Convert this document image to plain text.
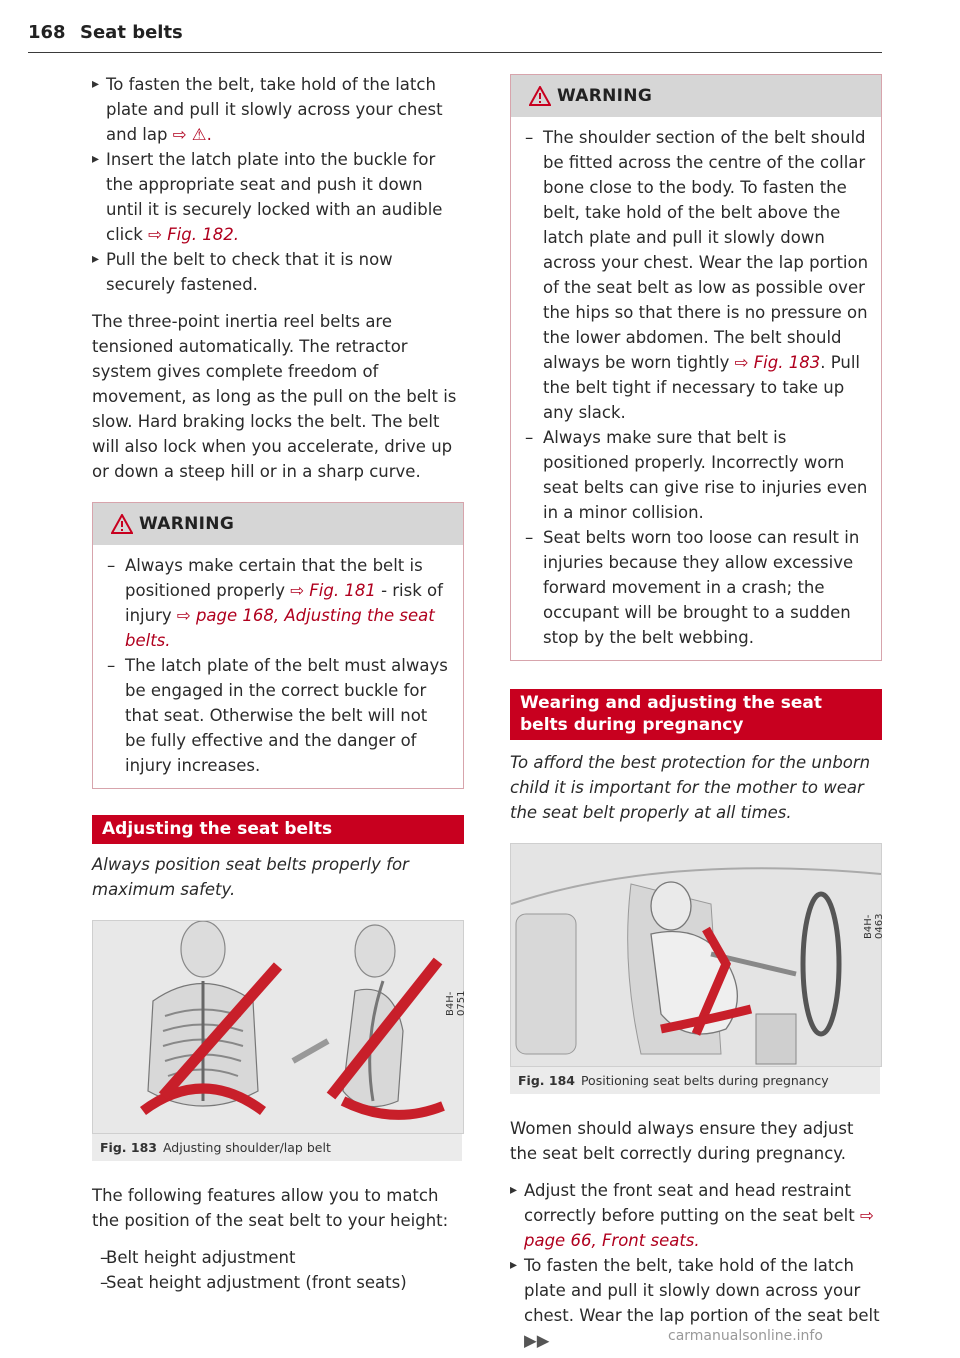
168 Seat belts
▸ To fasten the belt, take hold of the latch plate and pull it slowly across your chest and lap ⇨ ⚠.
▸ Insert the latch plate into the buckle for the appropriate seat and push it down until it is securely locked with an audible click ⇨ Fig. 182.
▸ Pull the belt to check that it is now securely fastened.

The three-point inertia reel belts are tensioned automatically. The retractor system gives complete freedom of movement, as long as the pull on the belt is slow. Hard braking locks the belt. The belt will also lock when you accelerate, drive up or down a steep hill or in a sharp curve.

WARNING
– Always make certain that the belt is positioned properly ⇨ Fig. 181 - risk of injury ⇨ page 168, Adjusting the seat belts.
– The latch plate of the belt must always be engaged in the correct buckle for that seat. Otherwise the belt will not be fully effective and the danger of injury increases.
Adjusting the seat belts

Always position seat belts properly for maximum safety.

B4H-0751
Fig. 183 Adjusting shoulder/lap belt

The following features allow you to match the position of the seat belt to your height:

– Belt height adjustment
– Seat height adjustment (front seats)
WARNING
– The shoulder section of the belt should be fitted across the centre of the collar bone close to the body. To fasten the belt, take hold of the belt above the latch plate and pull it slowly down across your chest. Wear the lap portion of the seat belt as low as possible over the hips so that there is no pressure on the lower abdomen. The belt should always be worn tightly ⇨ Fig. 183. Pull the belt tight if necessary to take up any slack.
– Always make sure that belt is positioned properly. Incorrectly worn seat belts can give rise to injuries even in a minor collision.
– Seat belts worn too loose can result in injuries because they allow excessive forward movement in a crash; the occupant will be brought to a sudden stop by the belt webbing.
Wearing and adjusting the seat belts during pregnancy

To afford the best protection for the unborn child it is important for the mother to wear the seat belt properly at all times.

B4H-0463
Fig. 184 Positioning seat belts during pregnancy

Women should always ensure they adjust the seat belt correctly during pregnancy.

▸ Adjust the front seat and head restraint correctly before putting on the seat belt ⇨ page 66, Front seats.
▸ To fasten the belt, take hold of the latch plate and pull it slowly down across your chest. Wear the lap portion of the seat belt ▶▶	carmanualsonline.info
